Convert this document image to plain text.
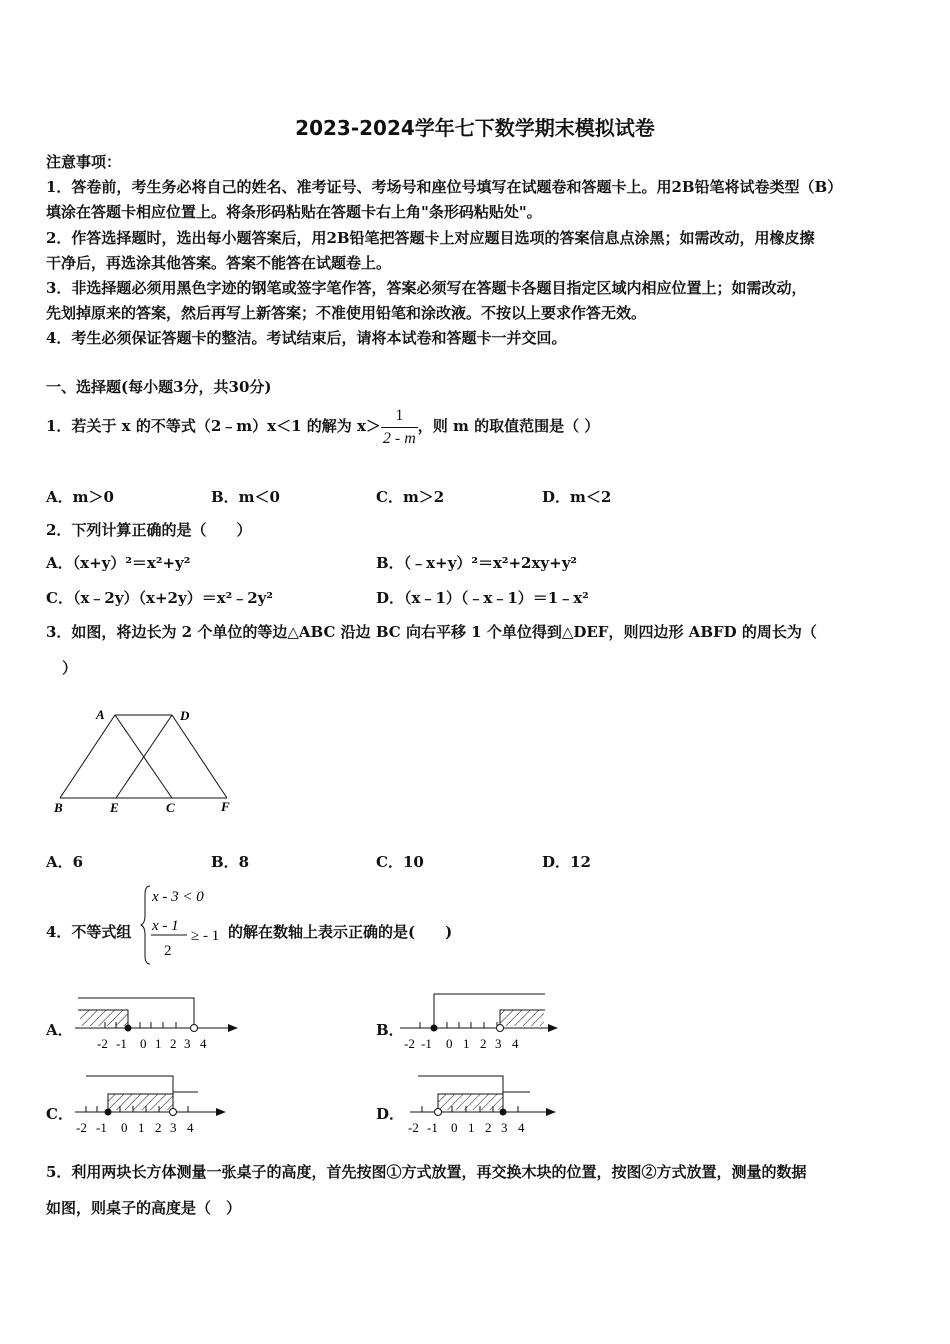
2023-2024学年七下数学期末模拟试卷
注意事项：
1．答卷前，考生务必将自己的姓名、准考证号、考场号和座位号填写在试题卷和答题卡上。用2B铅笔将试卷类型（B）
填涂在答题卡相应位置上。将条形码粘贴在答题卡右上角"条形码粘贴处"。
2．作答选择题时，选出每小题答案后，用2B铅笔把答题卡上对应题目选项的答案信息点涂黑；如需改动，用橡皮擦
干净后，再选涂其他答案。答案不能答在试题卷上。
3．非选择题必须用黑色字迹的钢笔或签字笔作答，答案必须写在答题卡各题目指定区域内相应位置上；如需改动，
先划掉原来的答案，然后再写上新答案；不准使用铅笔和涂改液。不按以上要求作答无效。
4．考生必须保证答题卡的整洁。考试结束后，请将本试卷和答题卡一并交回。
一、选择题(每小题3分，共30分)
1．若关于 x 的不等式（2﹣m）x＜1 的解为 $x> \frac{1}{2 - m}$ ，则 m 的取值范围是（ ）
A．m＞0	B．m＜0	C．m＞2	D．m＜2
2．下列计算正确的是（　　）
A．（x+y）²＝x²+y²	B．（﹣x+y）²＝x²+2xy+y²
C．（x﹣2y）（x+2y）＝x²﹣2y²	D．（x﹣1）（﹣x﹣1）＝1﹣x²
3．如图，将边长为 2 个单位的等边△ABC 沿边 BC 向右平移 1 个单位得到△DEF，则四边形 ABFD 的周长为（
）
A	D
B	E	C	F
A．6	B．8	C．10	D．12
4．不等式组
x - 3 < 0
x - 1
2
≥ - 1 的解在数轴上表示正确的是(　　)
-2 -1 0 1 2 3 4	-2 -1 0 1 2 3 4
-2 -1 0 1 2 3 4	-2 -1 0 1 2 3 4
A．	B．
C．	D．
5．利用两块长方体测量一张桌子的高度，首先按图①方式放置，再交换木块的位置，按图②方式放置，测量的数据
如图，则桌子的高度是（　）
